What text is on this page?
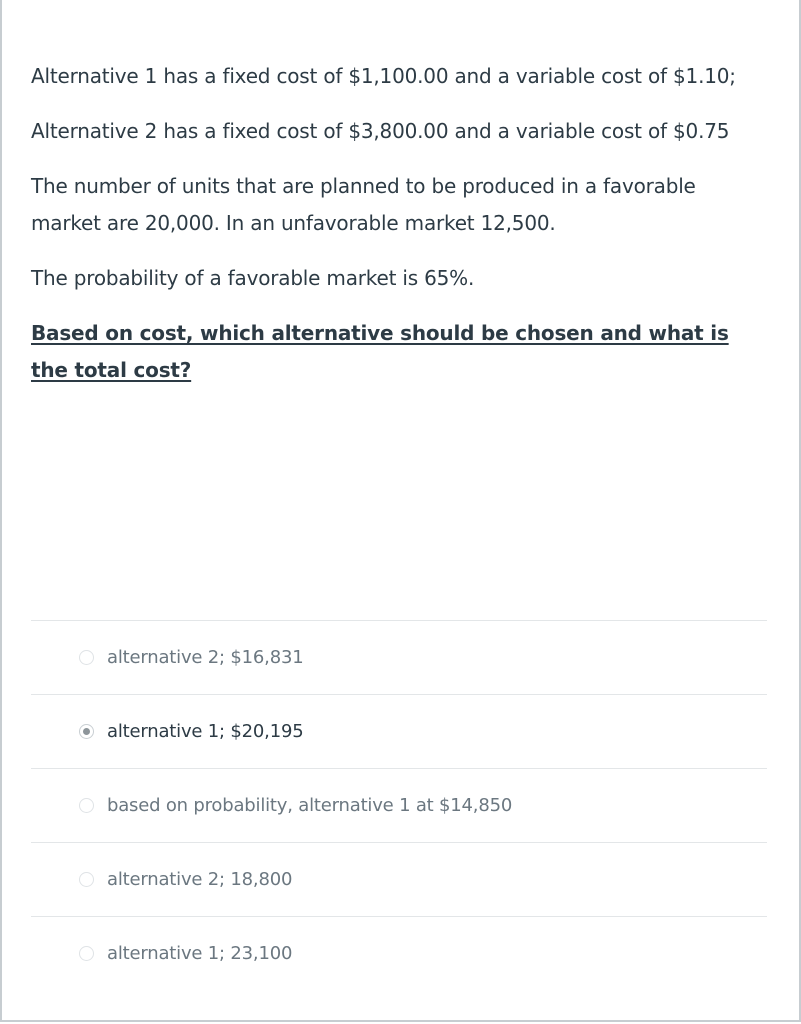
Alternative 1 has a fixed cost of $1,100.00 and a variable cost of $1.10;

Alternative 2 has a fixed cost of $3,800.00 and a variable cost of $0.75

The number of units that are planned to be produced in a favorable market are 20,000. In an unfavorable market 12,500.

The probability of a favorable market is 65%.

Based on cost, which alternative should be chosen and what is the total cost?

alternative 2; $16,831
alternative 1; $20,195
based on probability, alternative 1 at $14,850
alternative 2; 18,800
alternative 1; 23,100
